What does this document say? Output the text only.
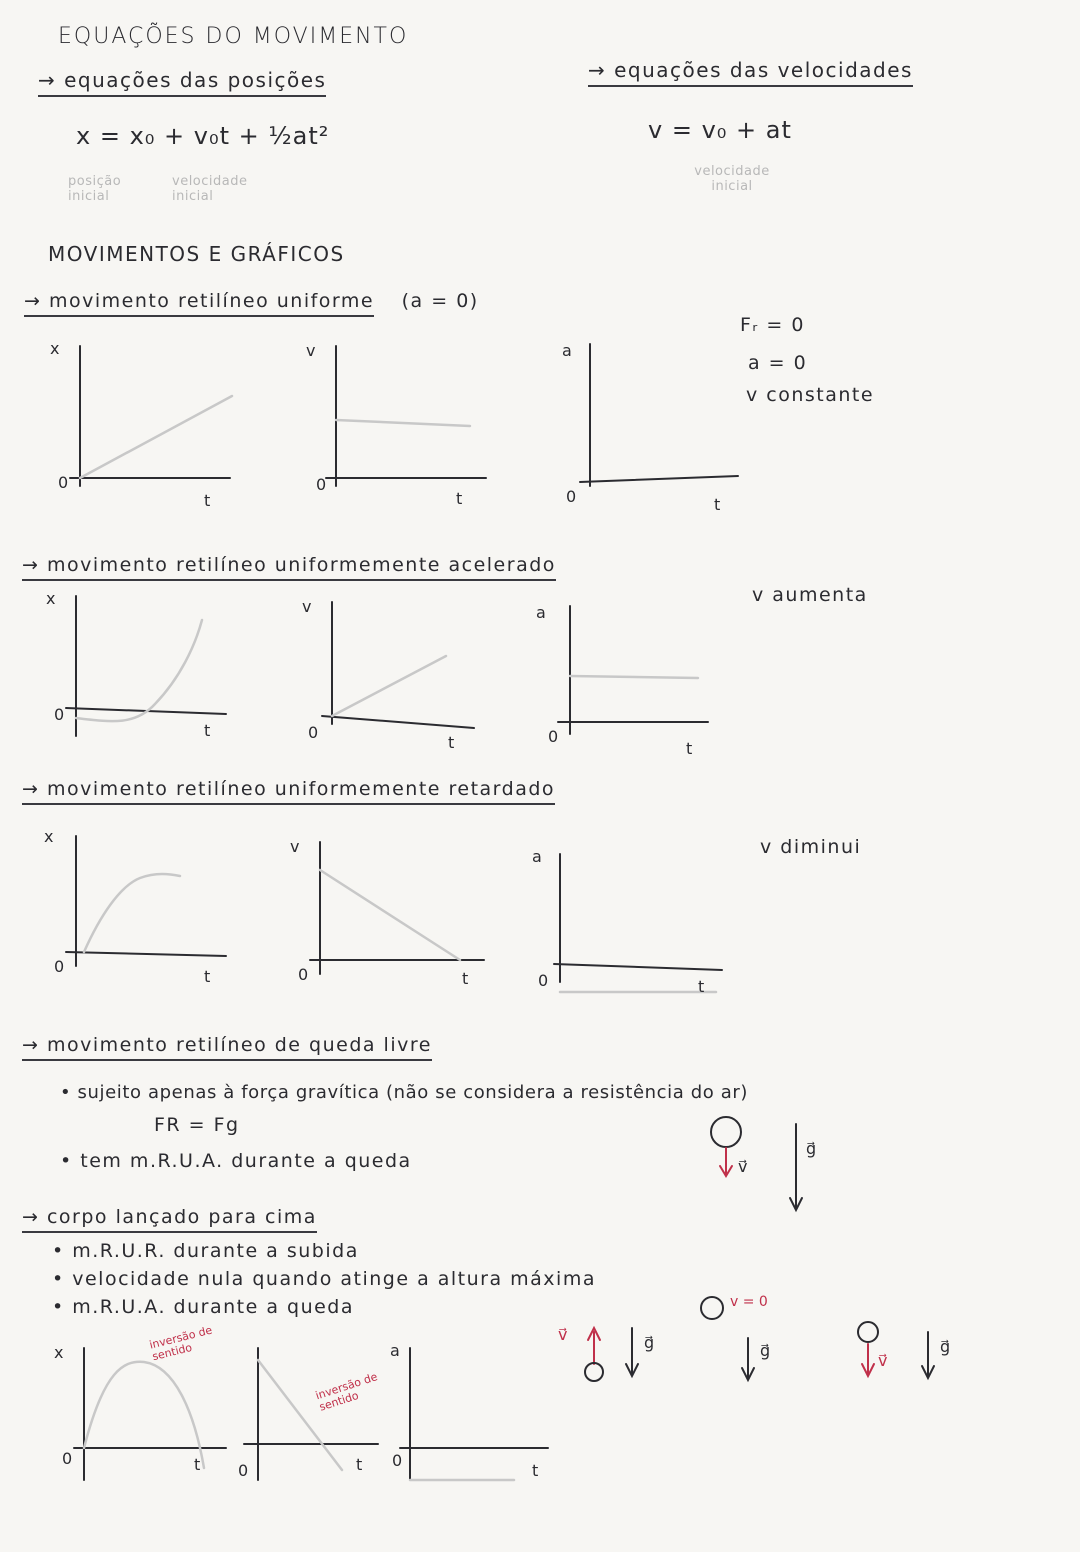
EQUAÇÕES DO MOVIMENTO
→ equações das posições
x = x₀ + v₀t + ½at²
posição inicial
velocidade inicial
→ equações das velocidades
v = v₀ + at
velocidade inicial
MOVIMENTOS E GRÁFICOS
→ movimento retilíneo uniforme (a = 0)
Fᵣ = 0
a = 0
v constante
x
0
t
v
0
t
a
0	t
→ movimento retilíneo uniformemente acelerado
v aumenta
x
0
t
v
0
t
a
0
t
→ movimento retilíneo uniformemente retardado
v diminui
x
0
t
v
0	t
a
0	t
→ movimento retilíneo de queda livre
• sujeito apenas à força gravítica (não se considera a resistência do ar)
FR = Fg
• tem m.R.U.A. durante a queda	v⃗
g⃗
→ corpo lançado para cima
• m.R.U.R. durante a subida
• velocidade nula quando atinge a altura máxima
• m.R.U.A. durante a queda	v = 0
v⃗	g⃗	g⃗
v⃗
g⃗
x
0	t
inversão de sentido
0	t
inversão de sentido
a
0
t
